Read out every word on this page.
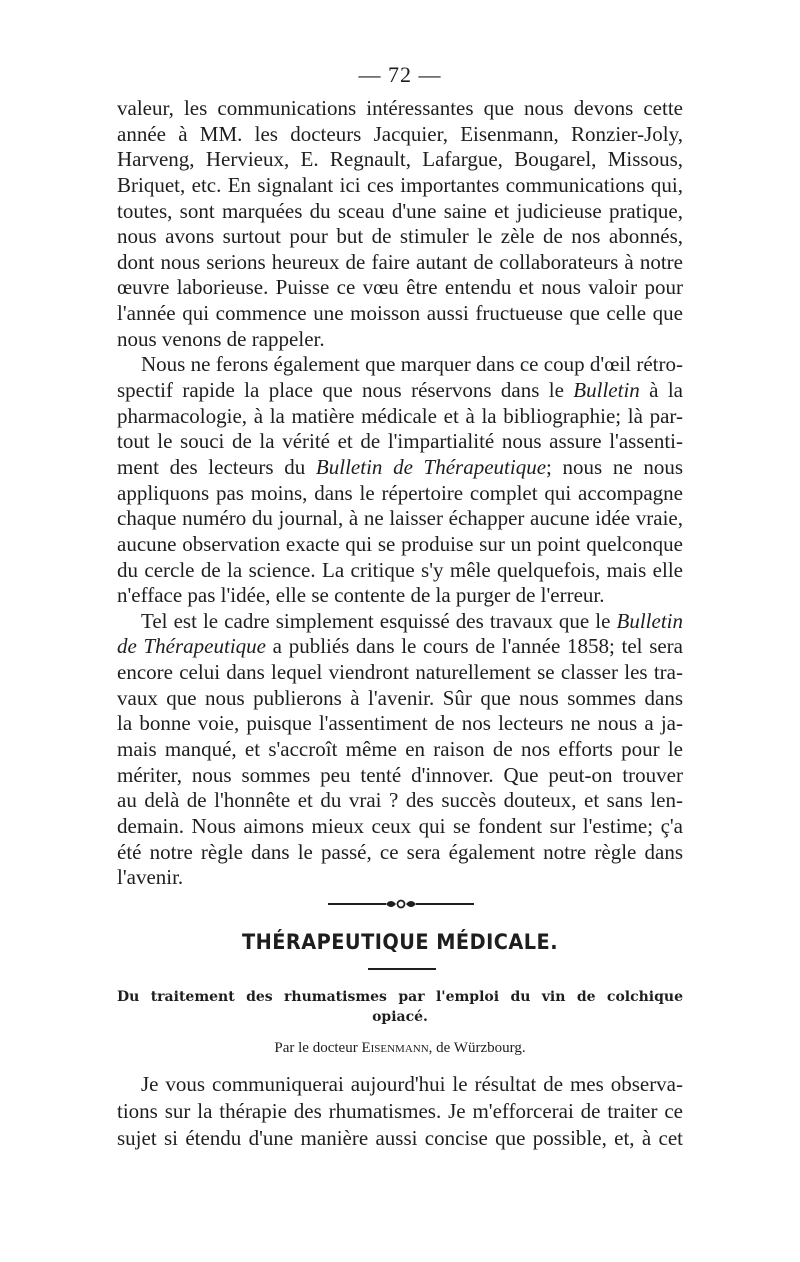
— 72 —
valeur, les communications intéressantes que nous devons cette
année à MM. les docteurs Jacquier, Eisenmann, Ronzier-Joly,
Harveng, Hervieux, E. Regnault, Lafargue, Bougarel, Missous,
Briquet, etc. En signalant ici ces importantes communications qui,
toutes, sont marquées du sceau d'une saine et judicieuse pratique,
nous avons surtout pour but de stimuler le zèle de nos abonnés,
dont nous serions heureux de faire autant de collaborateurs à notre
œuvre laborieuse. Puisse ce vœu être entendu et nous valoir pour
l'année qui commence une moisson aussi fructueuse que celle que
nous venons de rappeler.
Nous ne ferons également que marquer dans ce coup d'œil rétro-
spectif rapide la place que nous réservons dans le Bulletin à la
pharmacologie, à la matière médicale et à la bibliographie; là par-
tout le souci de la vérité et de l'impartialité nous assure l'assenti-
ment des lecteurs du Bulletin de Thérapeutique; nous ne nous
appliquons pas moins, dans le répertoire complet qui accompagne
chaque numéro du journal, à ne laisser échapper aucune idée vraie,
aucune observation exacte qui se produise sur un point quelconque
du cercle de la science. La critique s'y mêle quelquefois, mais elle
n'efface pas l'idée, elle se contente de la purger de l'erreur.
Tel est le cadre simplement esquissé des travaux que le Bulletin
de Thérapeutique a publiés dans le cours de l'année 1858; tel sera
encore celui dans lequel viendront naturellement se classer les tra-
vaux que nous publierons à l'avenir. Sûr que nous sommes dans
la bonne voie, puisque l'assentiment de nos lecteurs ne nous a ja-
mais manqué, et s'accroît même en raison de nos efforts pour le
mériter, nous sommes peu tenté d'innover. Que peut-on trouver
au delà de l'honnête et du vrai ? des succès douteux, et sans len-
demain. Nous aimons mieux ceux qui se fondent sur l'estime; ç'a
été notre règle dans le passé, ce sera également notre règle dans
l'avenir.
THÉRAPEUTIQUE MÉDICALE.
Du traitement des rhumatismes par l'emploi du vin de colchique
opiacé.
Par le docteur Eisenmann, de Würzbourg.
Je vous communiquerai aujourd'hui le résultat de mes observa-
tions sur la thérapie des rhumatismes. Je m'efforcerai de traiter ce
sujet si étendu d'une manière aussi concise que possible, et, à cet
